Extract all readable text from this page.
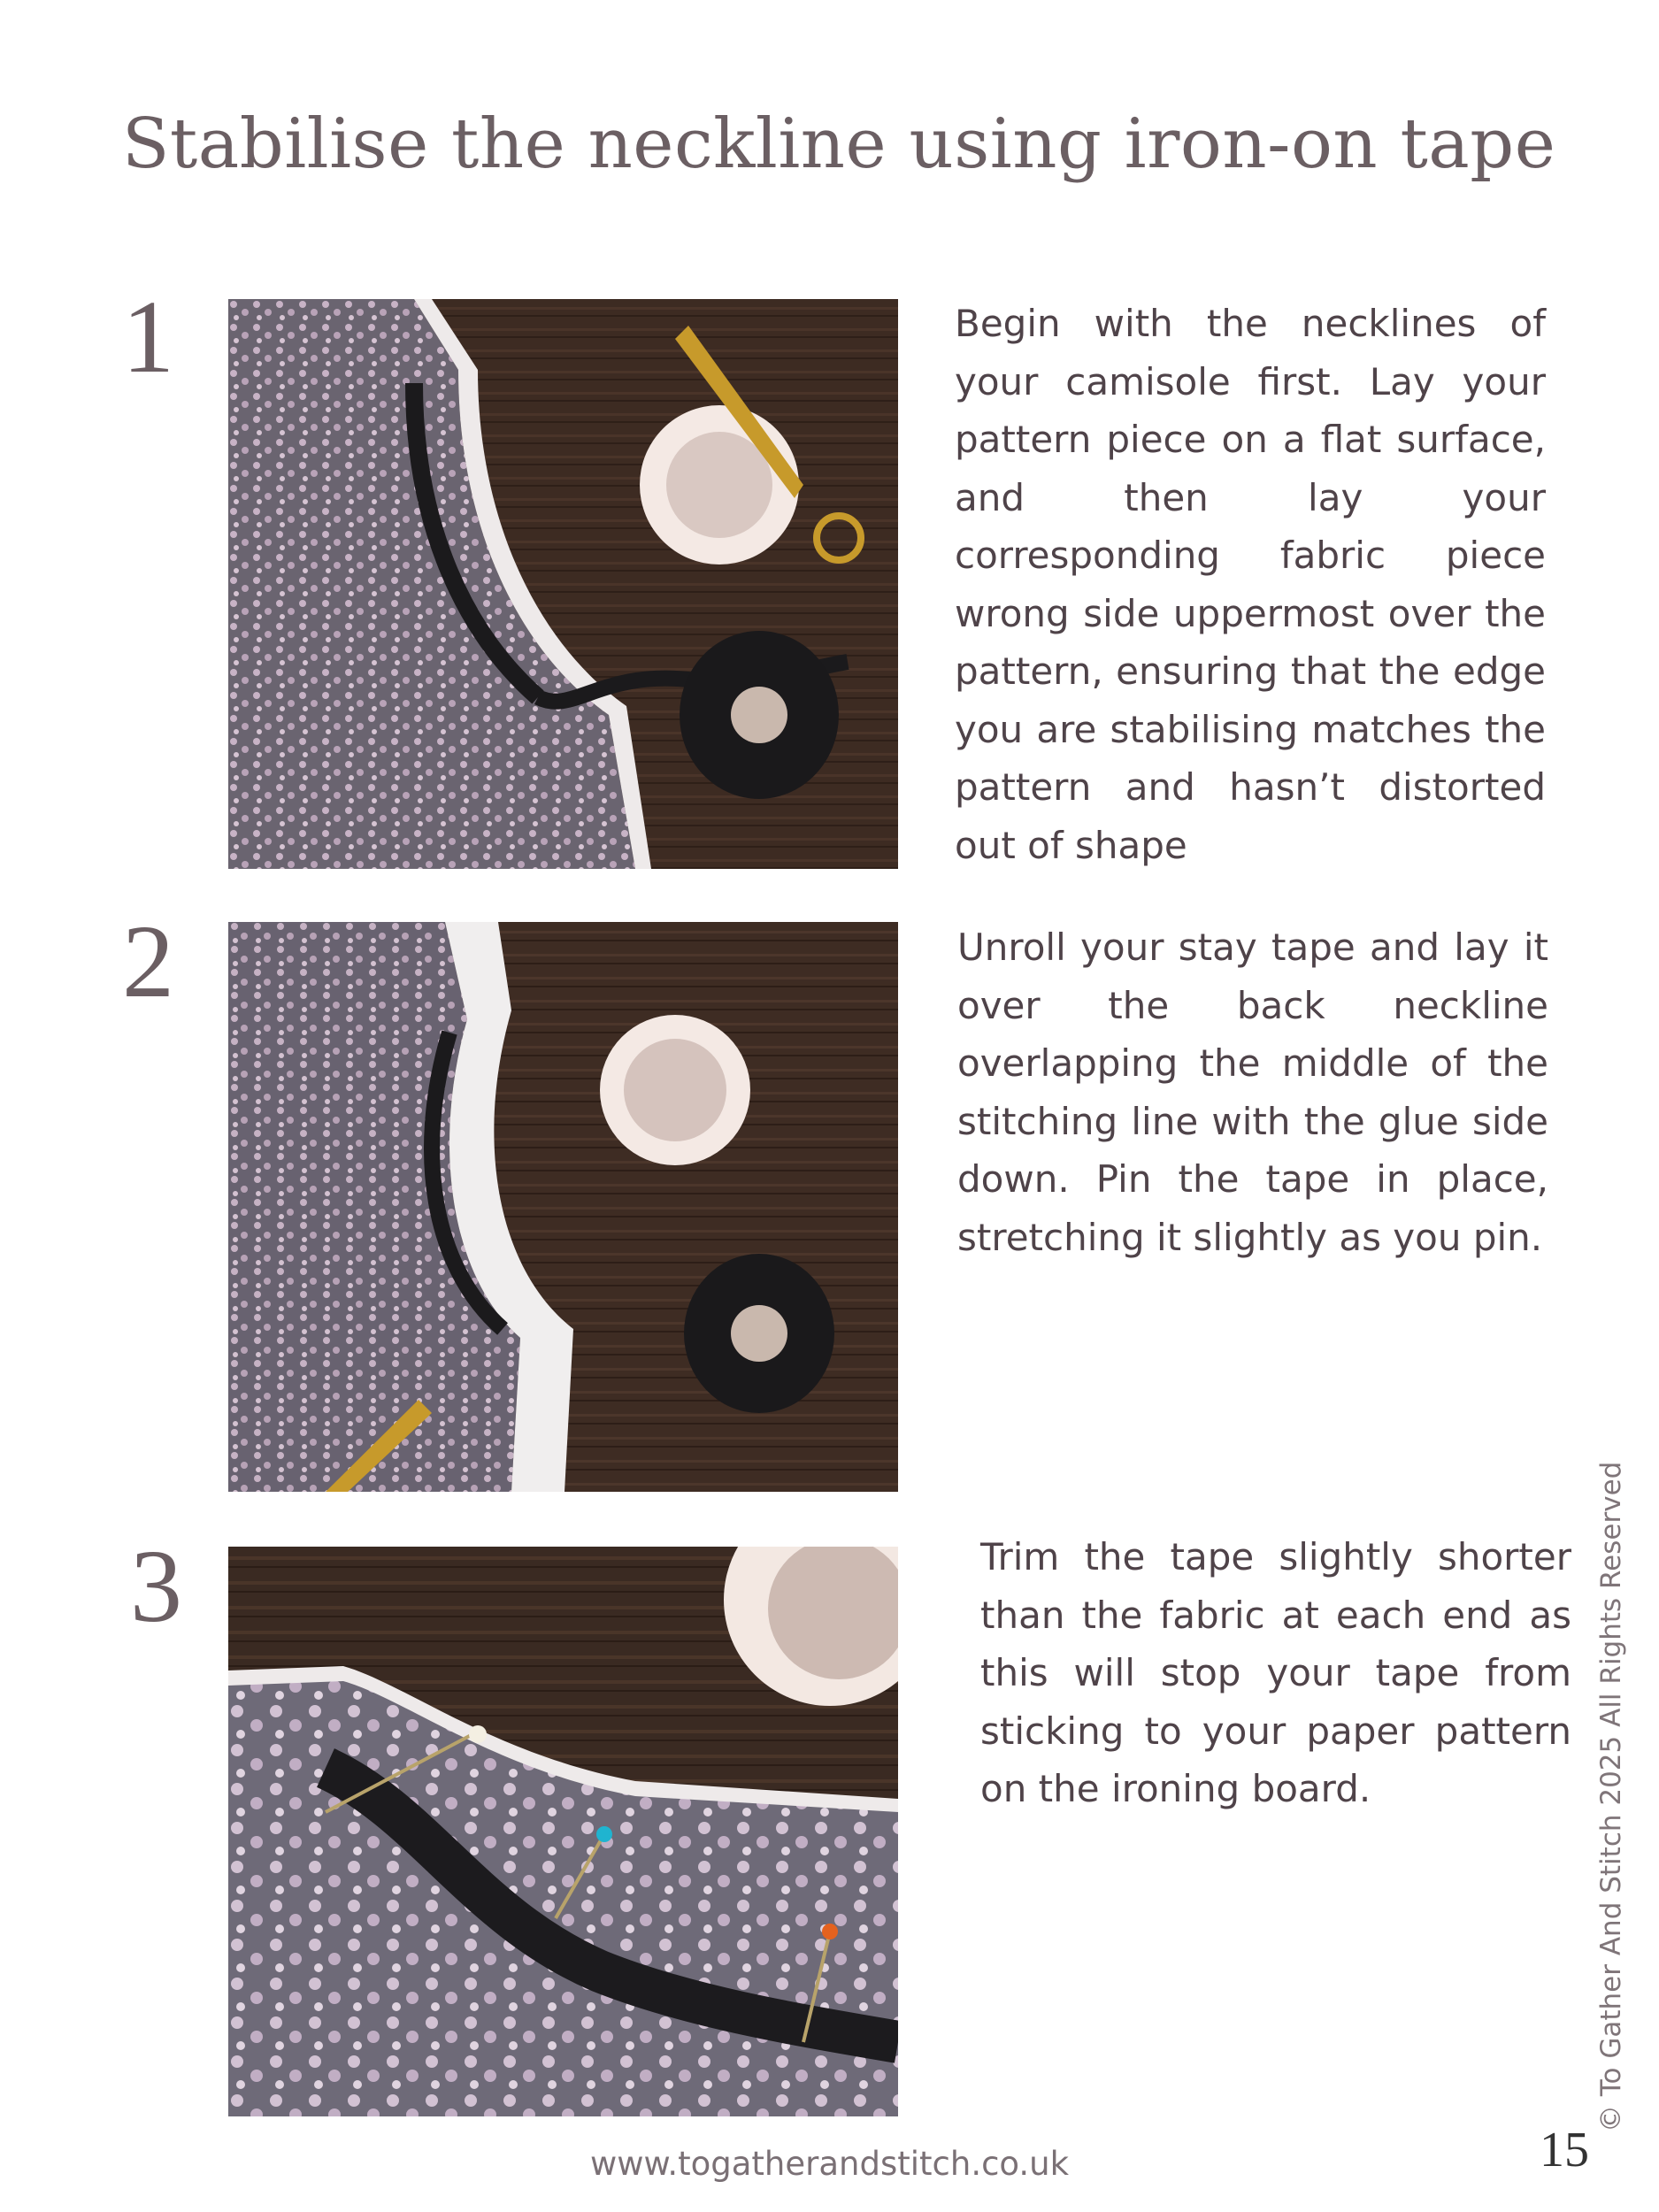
Stabilise the neckline using iron-on tape
1	Begin with the necklines of your camisole first. Lay your pattern piece on a flat surface, and then lay your corresponding fabric piece wrong side uppermost over the pattern, ensuring that the edge you are stabilising matches the pattern and hasn’t distorted out of shape

2	Unroll your stay tape and lay it over the back neckline overlapping the middle of the stitching line with the glue side down. Pin the tape in place, stretching it slightly as you pin.

3	Trim the tape slightly shorter than the fabric at each end as this will stop your tape from sticking to your paper pattern on the ironing board.

www.togatherandstitch.co.uk	15
© To Gather And Stitch 2025 All Rights Reserved
